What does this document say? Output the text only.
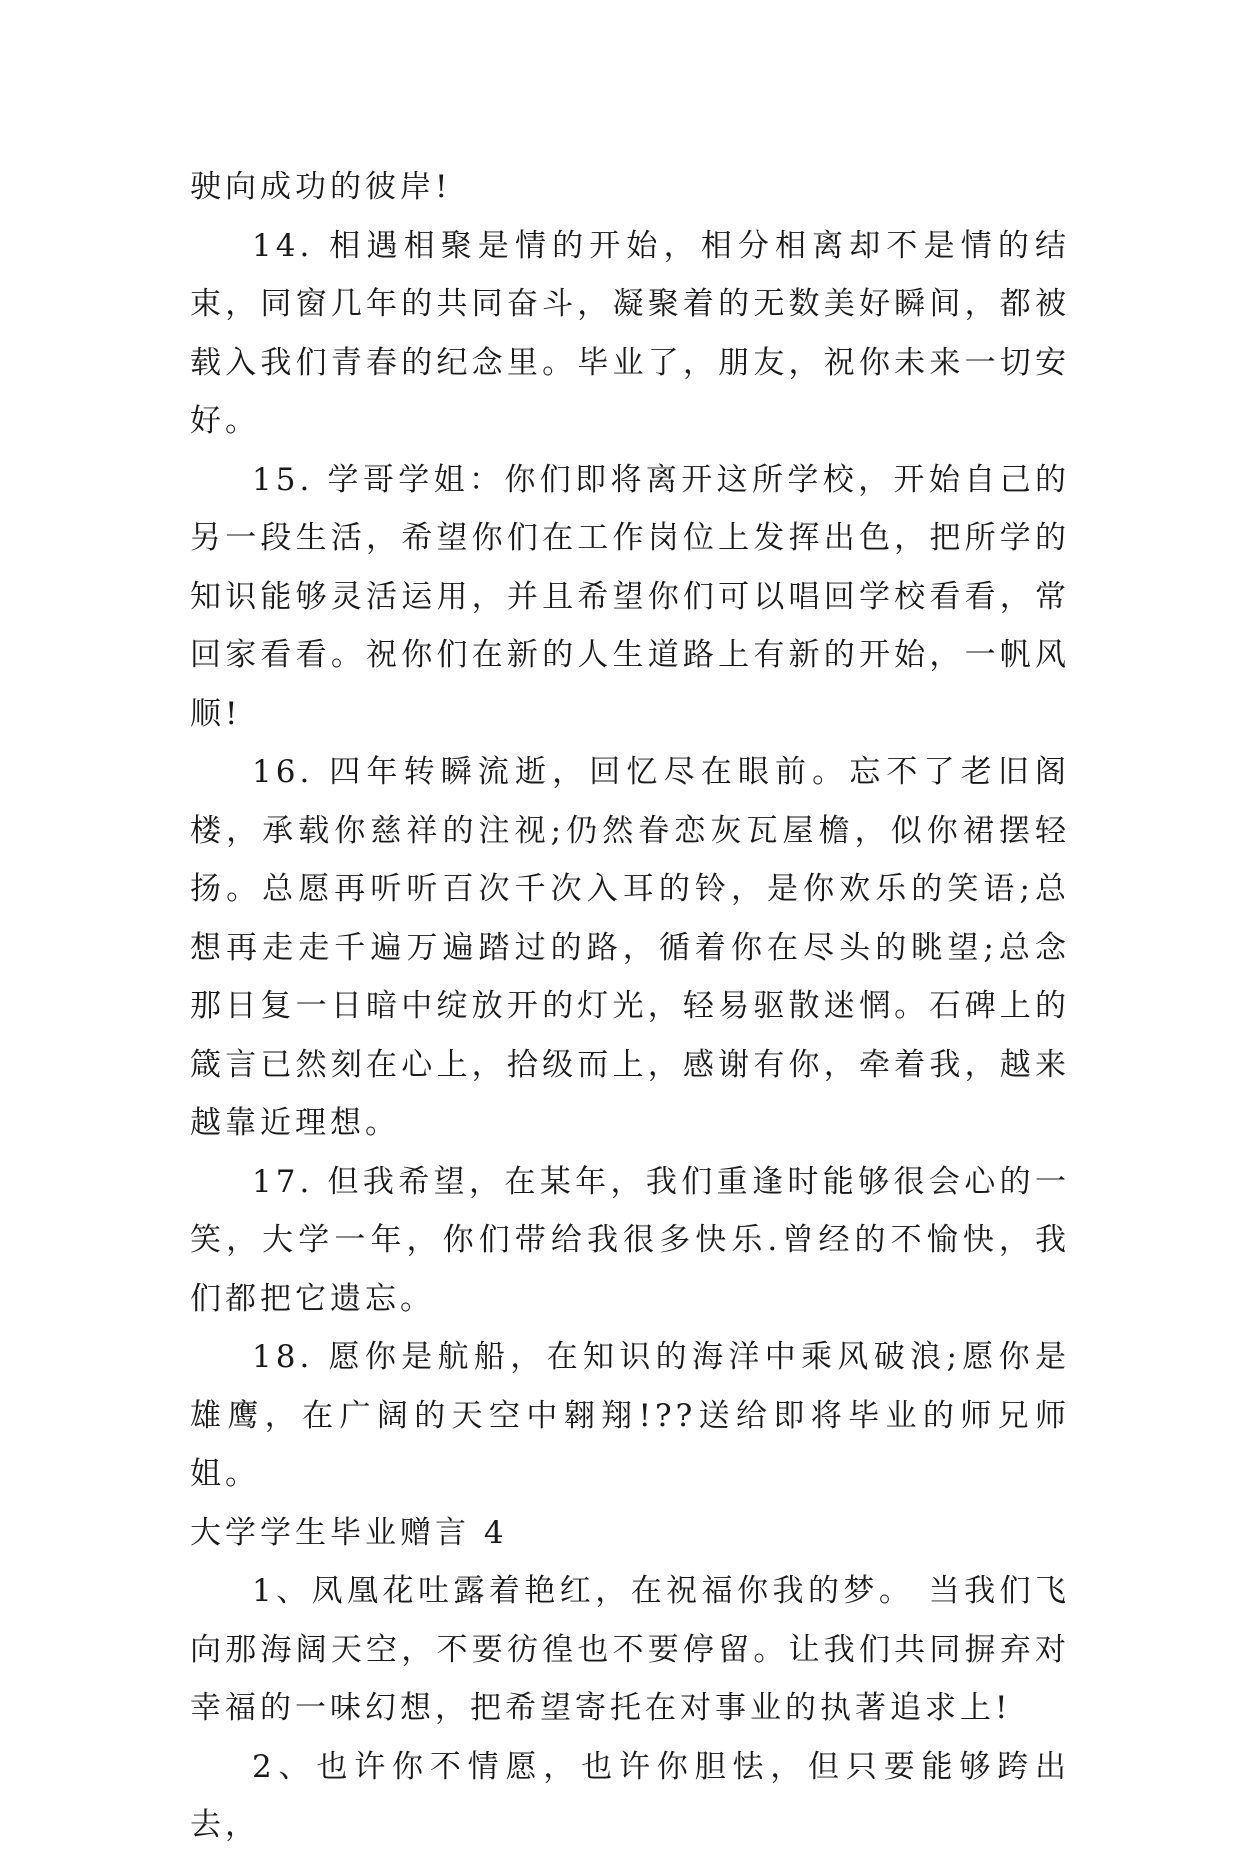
驶向成功的彼岸!

14. 相遇相聚是情的开始，相分相离却不是情的结束，同窗几年的共同奋斗，凝聚着的无数美好瞬间，都被载入我们青春的纪念里。毕业了，朋友，祝你未来一切安好。

15. 学哥学姐：你们即将离开这所学校，开始自己的另一段生活，希望你们在工作岗位上发挥出色，把所学的知识能够灵活运用，并且希望你们可以唱回学校看看，常回家看看。祝你们在新的人生道路上有新的开始，一帆风顺!

16. 四年转瞬流逝，回忆尽在眼前。忘不了老旧阁楼，承载你慈祥的注视;仍然眷恋灰瓦屋檐，似你裙摆轻扬。总愿再听听百次千次入耳的铃，是你欢乐的笑语;总想再走走千遍万遍踏过的路，循着你在尽头的眺望;总念那日复一日暗中绽放开的灯光，轻易驱散迷惘。石碑上的箴言已然刻在心上，拾级而上，感谢有你，牵着我，越来越靠近理想。

17. 但我希望，在某年，我们重逢时能够很会心的一笑，大学一年，你们带给我很多快乐.曾经的不愉快，我们都把它遗忘。

18. 愿你是航船，在知识的海洋中乘风破浪;愿你是雄鹰，在广阔的天空中翱翔!??送给即将毕业的师兄师姐。

大学学生毕业赠言 4

1、凤凰花吐露着艳红，在祝福你我的梦。 当我们飞向那海阔天空，不要彷徨也不要停留。让我们共同摒弃对幸福的一味幻想，把希望寄托在对事业的执著追求上!

2、也许你不情愿，也许你胆怯，但只要能够跨出去，
